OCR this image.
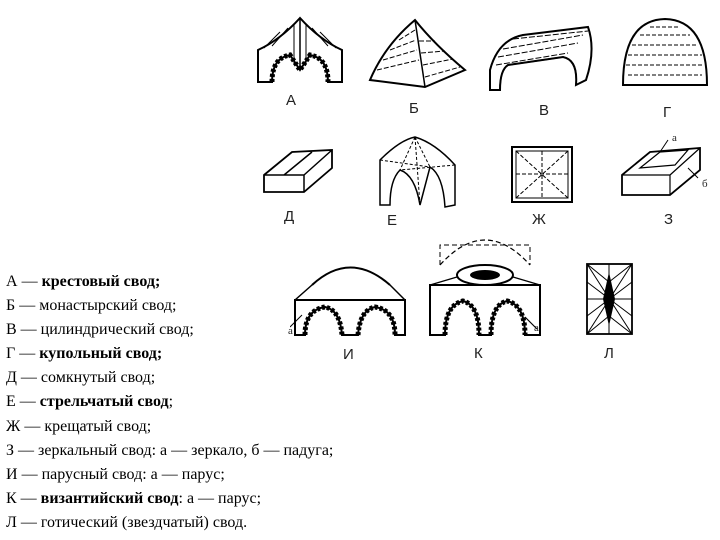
А	Б	В	Г
а
б
Д	Е	Ж	З
а	а
И	К	Л
А — крестовый свод;
Б — монастырский свод;
В — цилиндрический свод;
Г — купольный свод;
Д — сомкнутый свод;
Е — стрельчатый свод;
Ж — крещатый свод;
З — зеркальный свод: а — зеркало, б — падуга;
И — парусный свод: а — парус;
К — византийский свод: а — парус;
Л — готический (звездчатый) свод.
